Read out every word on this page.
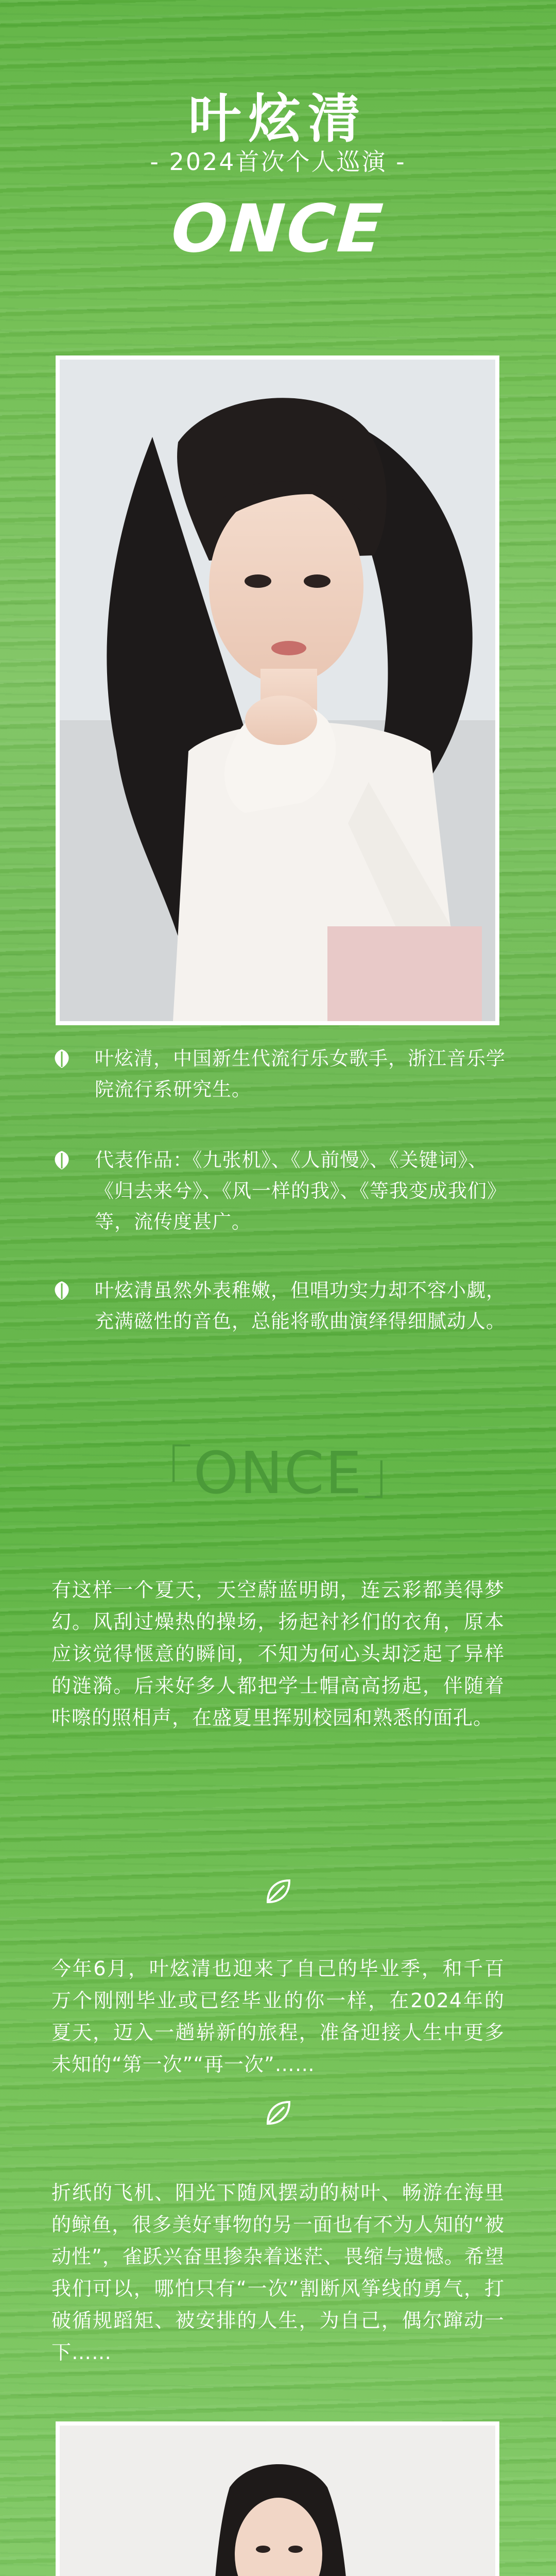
叶炫清
- 2024首次个人巡演 -
ONCE
叶炫清，中国新生代流行乐女歌手，浙江音乐学院流行系研究生。
代表作品：《九张机》、《人前慢》、《关键词》、《归去来兮》、《风一样的我》、《等我变成我们》等，流传度甚广。
叶炫清虽然外表稚嫩，但唱功实力却不容小觑，充满磁性的音色，总能将歌曲演绎得细腻动人。
「ONCE」
有这样一个夏天，天空蔚蓝明朗，连云彩都美得梦幻。风刮过燥热的操场，扬起衬衫们的衣角，原本应该觉得惬意的瞬间，不知为何心头却泛起了异样的涟漪。后来好多人都把学士帽高高扬起，伴随着咔嚓的照相声，在盛夏里挥别校园和熟悉的面孔。
今年6月，叶炫清也迎来了自己的毕业季，和千百万个刚刚毕业或已经毕业的你一样，在2024年的夏天，迈入一趟崭新的旅程，准备迎接人生中更多未知的“第一次”“再一次”……
折纸的飞机、阳光下随风摆动的树叶、畅游在海里的鲸鱼，很多美好事物的另一面也有不为人知的“被动性”，雀跃兴奋里掺杂着迷茫、畏缩与遗憾。希望我们可以，哪怕只有“一次”割断风筝线的勇气，打破循规蹈矩、被安排的人生，为自己，偶尔蹿动一下……
